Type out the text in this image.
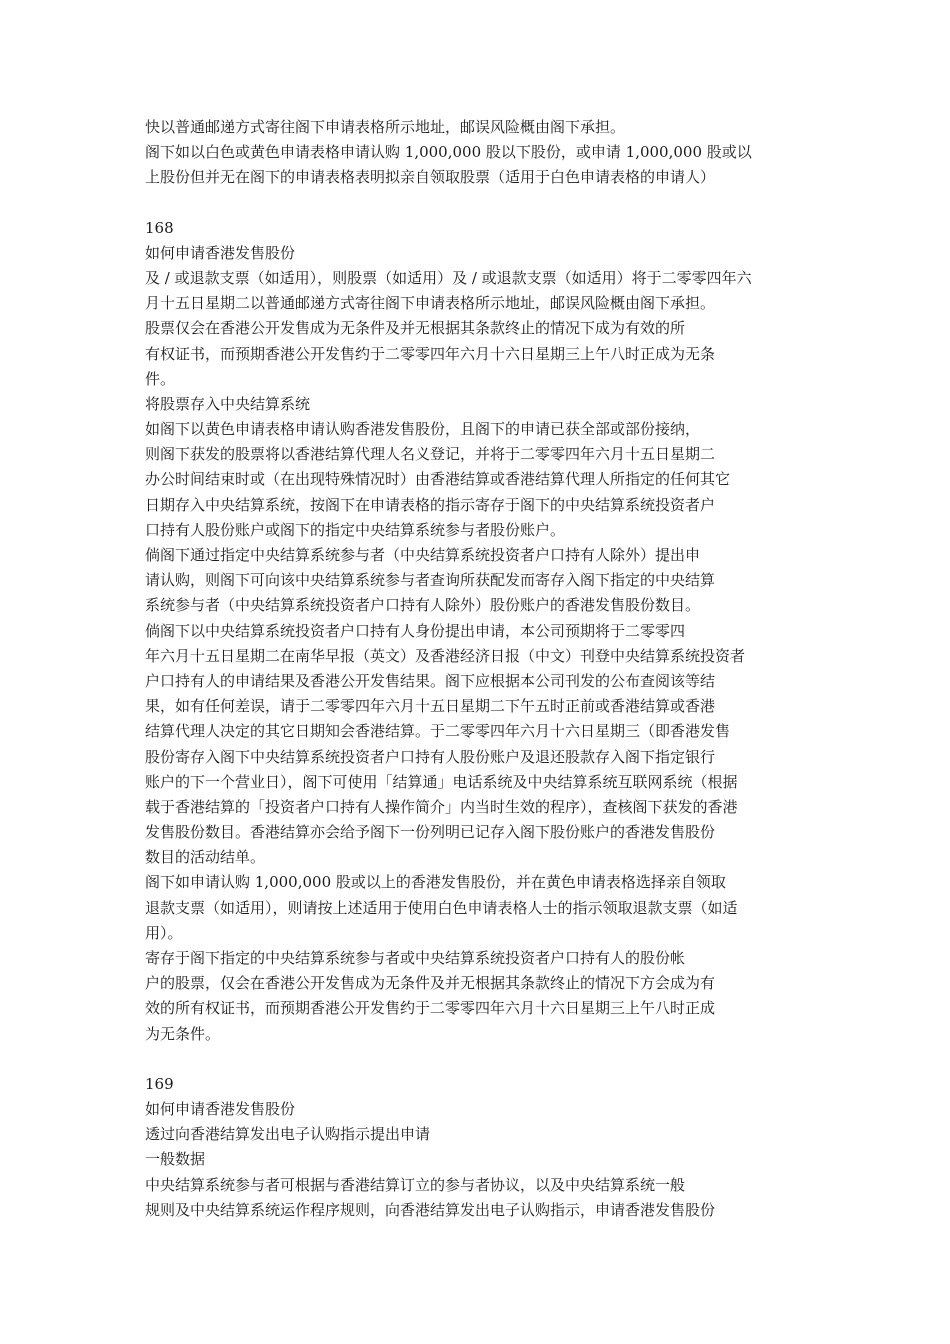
快以普通邮递方式寄往阁下申请表格所示地址，邮误风险概由阁下承担。
阁下如以白色或黄色申请表格申请认购 1,000,000 股以下股份，或申请 1,000,000 股或以
上股份但并无在阁下的申请表格表明拟亲自领取股票（适用于白色申请表格的申请人）
168
如何申请香港发售股份
及 / 或退款支票（如适用），则股票（如适用）及 / 或退款支票（如适用）将于二零零四年六
月十五日星期二以普通邮递方式寄往阁下申请表格所示地址，邮误风险概由阁下承担。
股票仅会在香港公开发售成为无条件及并无根据其条款终止的情况下成为有效的所
有权证书，而预期香港公开发售约于二零零四年六月十六日星期三上午八时正成为无条
件。
将股票存入中央结算系统
如阁下以黄色申请表格申请认购香港发售股份，且阁下的申请已获全部或部份接纳，
则阁下获发的股票将以香港结算代理人名义登记，并将于二零零四年六月十五日星期二
办公时间结束时或（在出现特殊情况时）由香港结算或香港结算代理人所指定的任何其它
日期存入中央结算系统，按阁下在申请表格的指示寄存于阁下的中央结算系统投资者户
口持有人股份账户或阁下的指定中央结算系统参与者股份账户。
倘阁下通过指定中央结算系统参与者（中央结算系统投资者户口持有人除外）提出申
请认购，则阁下可向该中央结算系统参与者查询所获配发而寄存入阁下指定的中央结算
系统参与者（中央结算系统投资者户口持有人除外）股份账户的香港发售股份数目。
倘阁下以中央结算系统投资者户口持有人身份提出申请，本公司预期将于二零零四
年六月十五日星期二在南华早报（英文）及香港经济日报（中文）刊登中央结算系统投资者
户口持有人的申请结果及香港公开发售结果。阁下应根据本公司刊发的公布查阅该等结
果，如有任何差误，请于二零零四年六月十五日星期二下午五时正前或香港结算或香港
结算代理人决定的其它日期知会香港结算。于二零零四年六月十六日星期三（即香港发售
股份寄存入阁下中央结算系统投资者户口持有人股份账户及退还股款存入阁下指定银行
账户的下一个营业日），阁下可使用「结算通」电话系统及中央结算系统互联网系统（根据
载于香港结算的「投资者户口持有人操作简介」内当时生效的程序），查核阁下获发的香港
发售股份数目。香港结算亦会给予阁下一份列明已记存入阁下股份账户的香港发售股份
数目的活动结单。
阁下如申请认购 1,000,000 股或以上的香港发售股份，并在黄色申请表格选择亲自领取
退款支票（如适用），则请按上述适用于使用白色申请表格人士的指示领取退款支票（如适
用）。
寄存于阁下指定的中央结算系统参与者或中央结算系统投资者户口持有人的股份帐
户的股票，仅会在香港公开发售成为无条件及并无根据其条款终止的情况下方会成为有
效的所有权证书，而预期香港公开发售约于二零零四年六月十六日星期三上午八时正成
为无条件。
169
如何申请香港发售股份
透过向香港结算发出电子认购指示提出申请
一般数据
中央结算系统参与者可根据与香港结算订立的参与者协议，以及中央结算系统一般
规则及中央结算系统运作程序规则，向香港结算发出电子认购指示，申请香港发售股份
